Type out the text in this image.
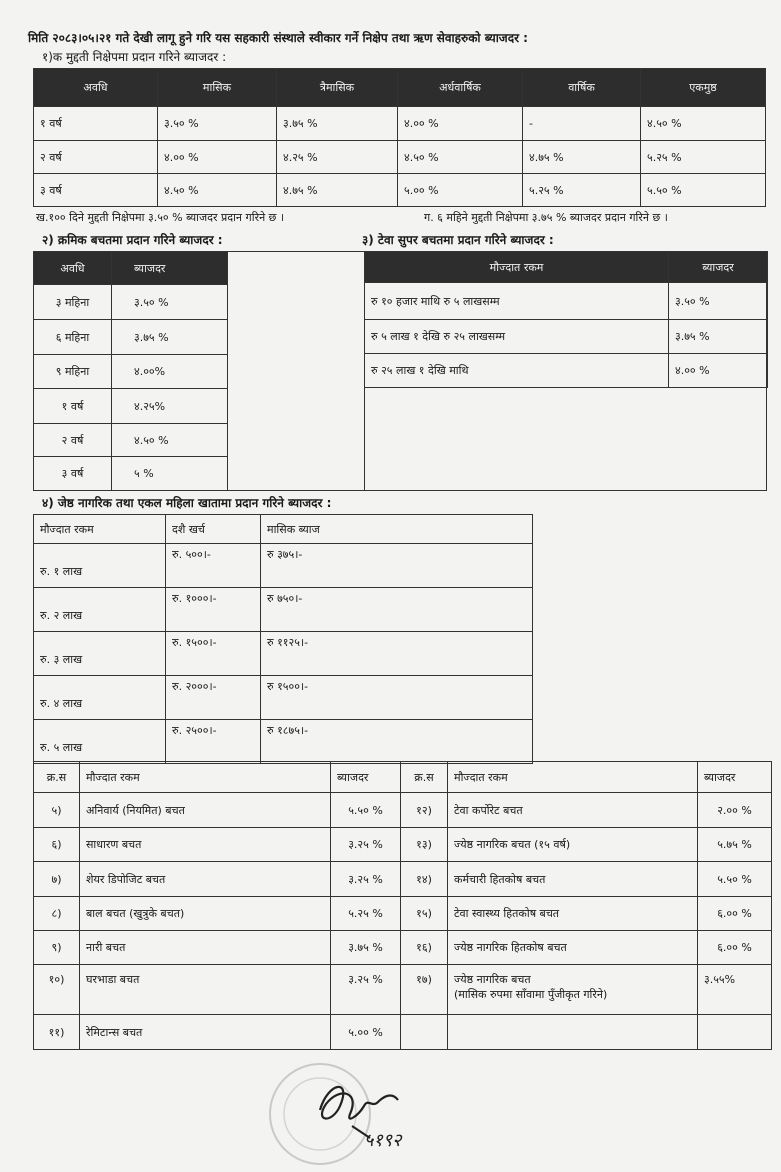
मिति २०८३।०५।२१ गते देखी लागू हुने गरि यस सहकारी संस्थाले स्वीकार गर्ने निक्षेप तथा ऋण सेवाहरुको ब्याजदर :
१)क मुद्दती निक्षेपमा प्रदान गरिने ब्याजदर :
अवधि	मासिक	त्रैमासिक	अर्धवार्षिक	वार्षिक	एकमुष्ठ
१ वर्ष	३.५० %	३.७५ %	४.०० %	-	४.५० %
२ वर्ष	४.०० %	४.२५ %	४.५० %	४.७५ %	५.२५ %
३ वर्ष	४.५० %	४.७५ %	५.०० %	५.२५ %	५.५० %
ख.१०० दिने मुद्दती निक्षेपमा ३.५० % ब्याजदर प्रदान गरिने छ ।	ग. ६ महिने मुद्दती निक्षेपमा ३.७५ % ब्याजदर प्रदान गरिने छ ।
२) क्रमिक बचतमा प्रदान गरिने ब्याजदर :	३) टेवा सुपर बचतमा प्रदान गरिने ब्याजदर :
अवधि	ब्याजदर
३ महिना	३.५० %
६ महिना	३.७५ %
९ महिना	४.००%
१ वर्ष	४.२५%
२ वर्ष	४.५० %
३ वर्ष	५ %
मौज्दात रकम	ब्याजदर
रु १० हजार माथि रु ५ लाखसम्म	३.५० %
रु ५ लाख १ देखि रु २५ लाखसम्म	३.७५ %
रु २५ लाख १ देखि माथि	४.०० %
४) जेष्ठ नागरिक तथा एकल महिला खातामा प्रदान गरिने ब्याजदर :
मौज्दात रकम	दशै खर्च	मासिक ब्याज
रु. १ लाख	रु. ५००।-	रु ३७५।-
रु. २ लाख	रु. १०००।-	रु ७५०।-
रु. ३ लाख	रु. १५००।-	रु ११२५।-
रु. ४ लाख	रु. २०००।-	रु १५००।-
रु. ५ लाख	रु. २५००।-	रु १८७५।-
क्र.स	मौज्दात रकम	ब्याजदर	क्र.स	मौज्दात रकम	ब्याजदर
५)	अनिवार्य (नियमित) बचत	५.५० %	१२)	टेवा कर्पोरेट बचत	२.०० %
६)	साधारण बचत	३.२५ %	१३)	ज्येष्ठ नागरिक बचत (१५ वर्ष)	५.७५ %
७)	शेयर डिपोजिट बचत	३.२५ %	१४)	कर्मचारी हितकोष बचत	५.५० %
८)	बाल बचत (खुत्रुके बचत)	५.२५ %	१५)	टेवा स्वास्थ्य हितकोष बचत	६.०० %
९)	नारी बचत	३.७५ %	१६)	ज्येष्ठ नागरिक हितकोष बचत	६.०० %
१०)	घरभाडा बचत	३.२५ %	१७)	ज्येष्ठ नागरिक बचत
(मासिक रुपमा साँवामा पुँजीकृत गरिने)	३.५५%
११)	रेमिटान्स बचत	५.०० %			
५१९२
